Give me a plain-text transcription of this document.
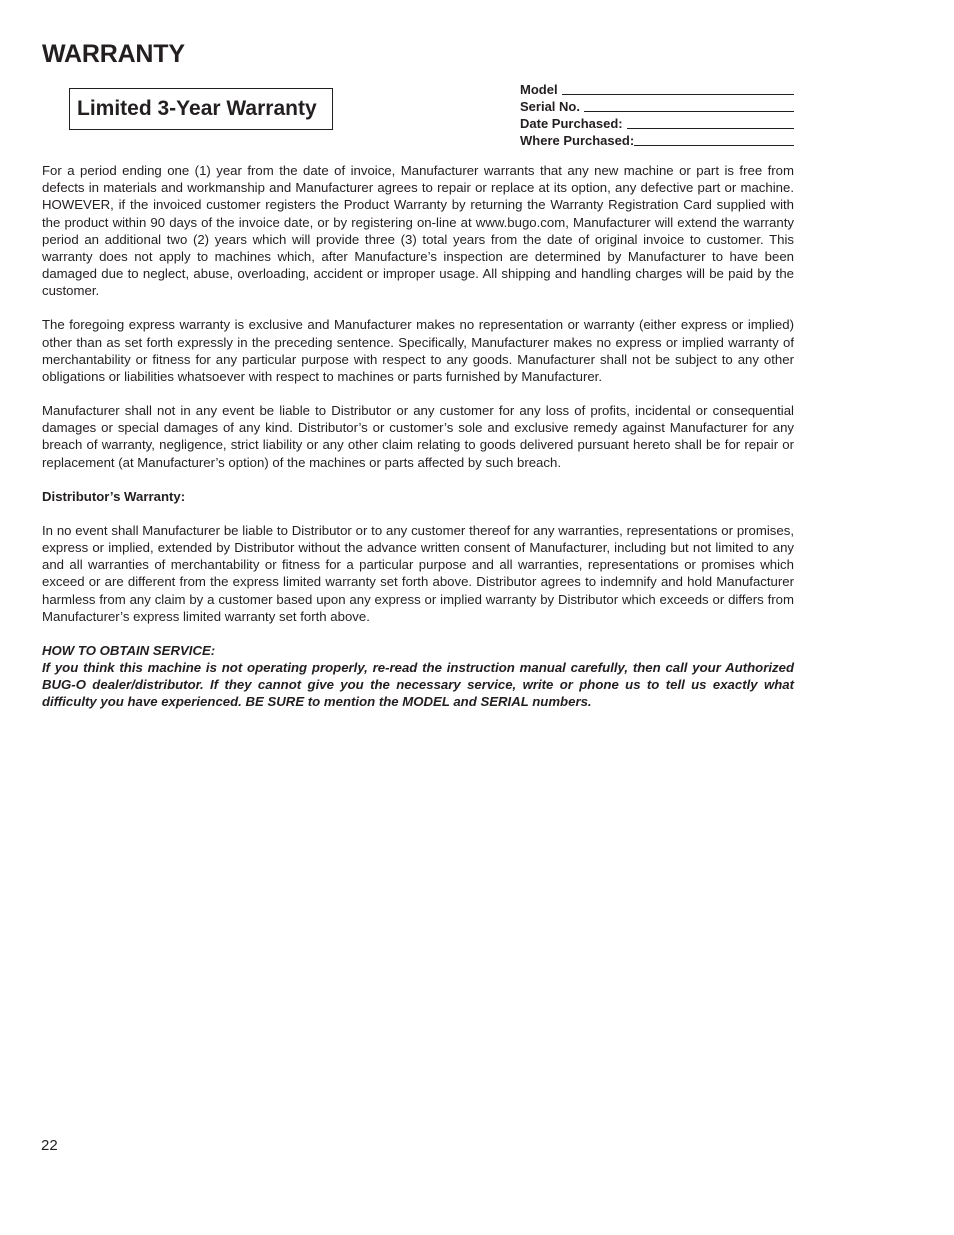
WARRANTY
Limited 3-Year Warranty
Model
Serial No.
Date Purchased:
Where Purchased:

For a period ending one (1) year from the date of invoice, Manufacturer warrants that any new machine or part is free from defects in materials and workmanship and Manufacturer agrees to repair or replace at its option, any defective part or machine. HOWEVER, if the invoiced customer registers the Product Warranty by returning the Warranty Registration Card supplied with the product within 90 days of the invoice date, or by registering on-line at www.bugo.com, Manufacturer will extend the warranty period an additional two (2) years which will provide three (3) total years from the date of original invoice to customer. This warranty does not apply to machines which, after Manufacture’s inspection are determined by Manufacturer to have been damaged due to neglect, abuse, overloading, accident or improper usage. All shipping and handling charges will be paid by the customer.

The foregoing express warranty is exclusive and Manufacturer makes no representation or warranty (either express or implied) other than as set forth expressly in the preceding sentence. Specifically, Manufacturer makes no express or implied warranty of merchantability or fitness for any particular purpose with respect to any goods. Manufacturer shall not be subject to any other obligations or liabilities whatsoever with respect to machines or parts furnished by Manufacturer.

Manufacturer shall not in any event be liable to Distributor or any customer for any loss of profits, incidental or consequential damages or special damages of any kind. Distributor’s or customer’s sole and exclusive remedy against Manufacturer for any breach of warranty, negligence, strict liability or any other claim relating to goods delivered pursuant hereto shall be for repair or replacement (at Manufacturer’s option) of the machines or parts affected by such breach.

Distributor’s Warranty:

In no event shall Manufacturer be liable to Distributor or to any customer thereof for any warranties, representations or promises, express or implied, extended by Distributor without the advance written consent of Manufacturer, including but not limited to any and all warranties of merchantability or fitness for a particular purpose and all warranties, representations or promises which exceed or are different from the express limited warranty set forth above. Distributor agrees to indemnify and hold Manufacturer harmless from any claim by a customer based upon any express or implied warranty by Distributor which exceeds or differs from Manufacturer’s express limited warranty set forth above.

HOW TO OBTAIN SERVICE:

If you think this machine is not operating properly, re-read the instruction manual carefully, then call your Authorized BUG-O dealer/distributor. If they cannot give you the necessary service, write or phone us to tell us exactly what difficulty you have experienced. BE SURE to mention the MODEL and SERIAL numbers.

22
